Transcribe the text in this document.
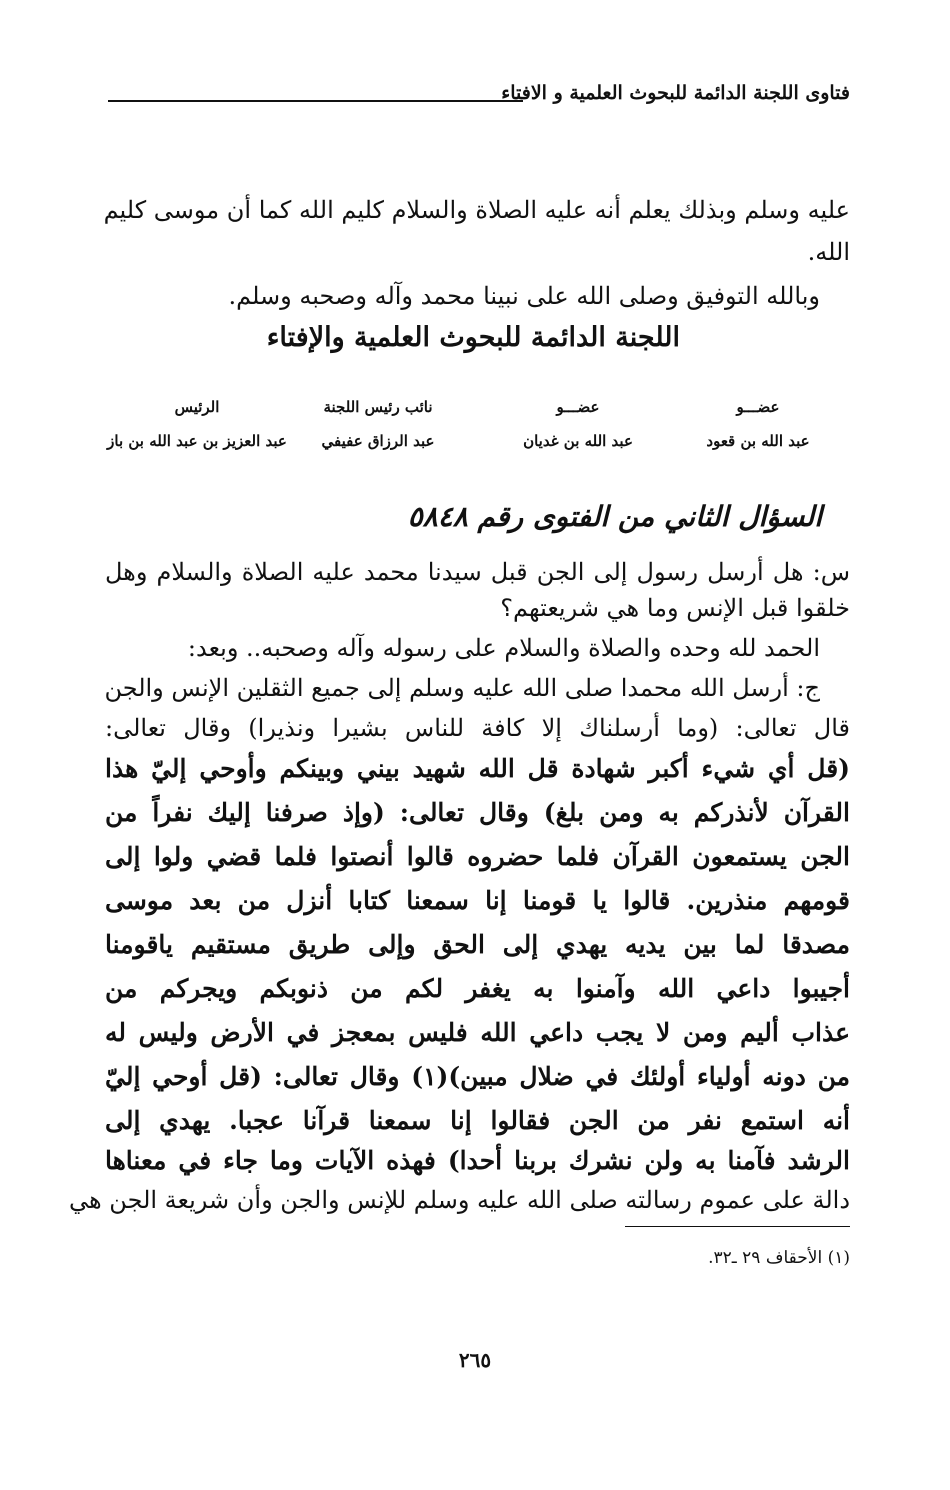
فتاوى اللجنة الدائمة للبحوث العلمية و الافتاء
عليه وسلم وبذلك يعلم أنه عليه الصلاة والسلام كليم الله كما أن موسى كليم
الله.
وبالله التوفيق وصلى الله على نبينا محمد وآله وصحبه وسلم.
اللجنة الدائمة للبحوث العلمية والإفتاء
عضـــو
عبد الله بن قعود
عضـــو
عبد الله بن غديان
نائب رئيس اللجنة
عبد الرزاق عفيفي
الرئيس
عبد العزيز بن عبد الله بن باز
السؤال الثاني من الفتوى رقم ٥٨٤٨
س: هل أرسل رسول إلى الجن قبل سيدنا محمد عليه الصلاة والسلام وهل
خلقوا قبل الإنس وما هي شريعتهم؟
الحمد لله وحده والصلاة والسلام على رسوله وآله وصحبه.. وبعد:
ج: أرسل الله محمدا صلى الله عليه وسلم إلى جميع الثقلين الإنس والجن
قال تعالى: (وما أرسلناك إلا كافة للناس بشيرا ونذيرا) وقال تعالى:
(قل أي شيء أكبر شهادة قل الله شهيد بيني وبينكم وأوحي إليّ هذا
القرآن لأنذركم به ومن بلغ) وقال تعالى: (وإذ صرفنا إليك نفراً من
الجن يستمعون القرآن فلما حضروه قالوا أنصتوا فلما قضي ولوا إلى
قومهم منذرين. قالوا يا قومنا إنا سمعنا كتابا أنزل من بعد موسى
مصدقا لما بين يديه يهدي إلى الحق وإلى طريق مستقيم ياقومنا
أجيبوا داعي الله وآمنوا به يغفر لكم من ذنوبكم ويجركم من
عذاب أليم ومن لا يجب داعي الله فليس بمعجز في الأرض وليس له
من دونه أولياء أولئك في ضلال مبين)(١) وقال تعالى: (قل أوحي إليّ
أنه استمع نفر من الجن فقالوا إنا سمعنا قرآنا عجبا. يهدي إلى
الرشد فآمنا به ولن نشرك بربنا أحدا) فهذه الآيات وما جاء في معناها
دالة على عموم رسالته صلى الله عليه وسلم للإنس والجن وأن شريعة الجن هي
(١) الأحقاف ٢٩ ـ٣٢.
٢٦٥
